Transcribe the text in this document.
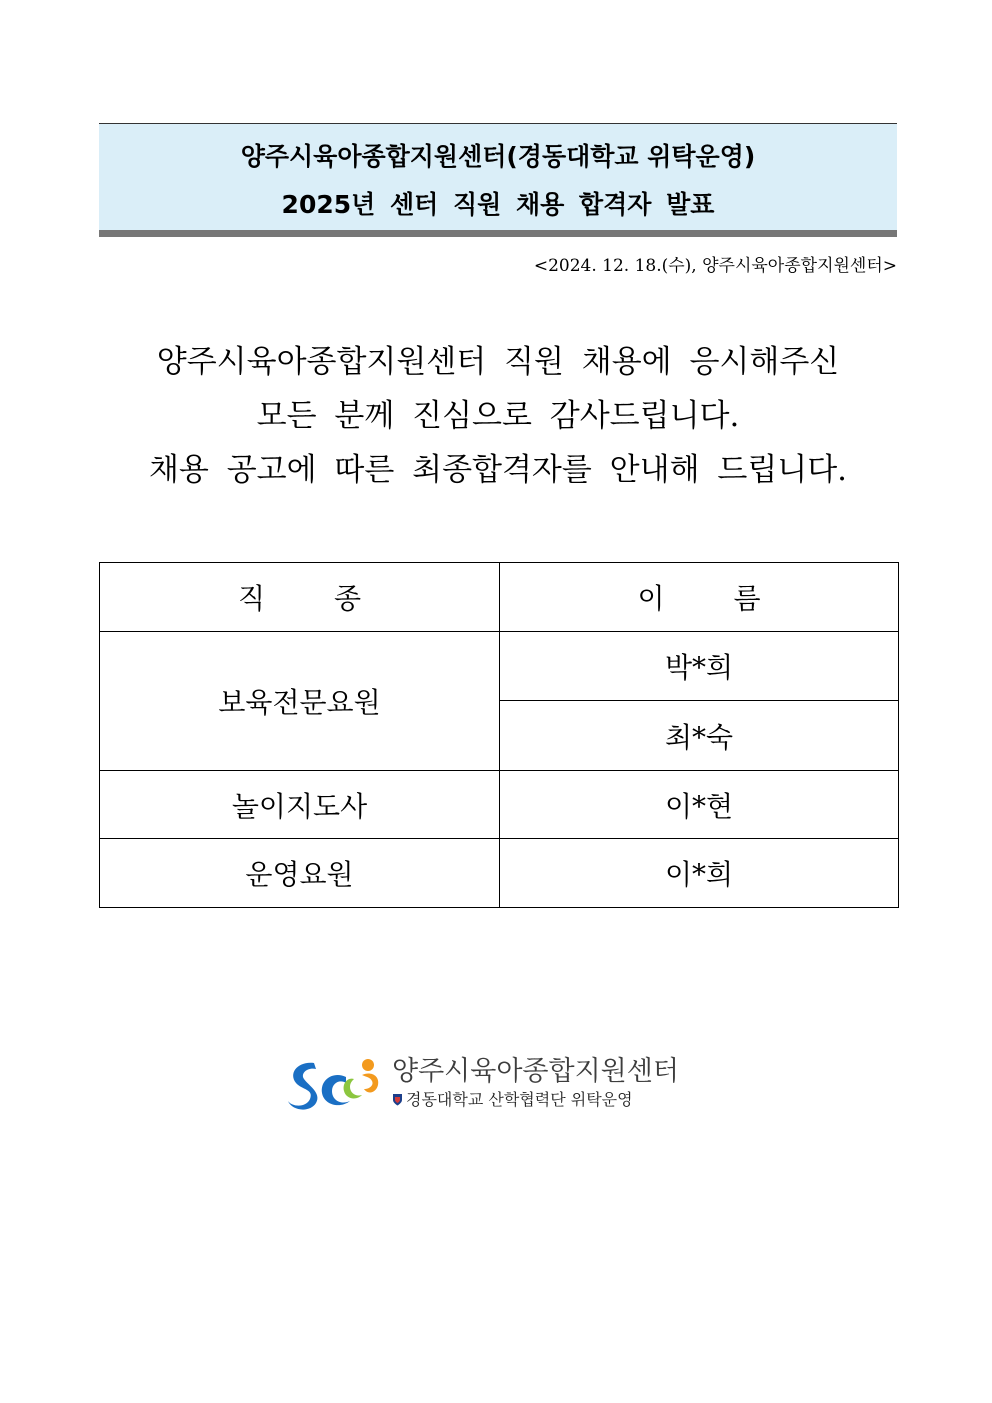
양주시육아종합지원센터(경동대학교 위탁운영)
2025년 센터 직원 채용 합격자 발표
<2024. 12. 18.(수), 양주시육아종합지원센터>
양주시육아종합지원센터 직원 채용에 응시해주신
모든 분께 진심으로 감사드립니다.
채용 공고에 따른 최종합격자를 안내해 드립니다.
직 종	이 름
보육전문요원	박*희
	최*숙
놀이지도사	이*현
운영요원	이*희
양주시육아종합지원센터
경동대학교 산학협력단 위탁운영
